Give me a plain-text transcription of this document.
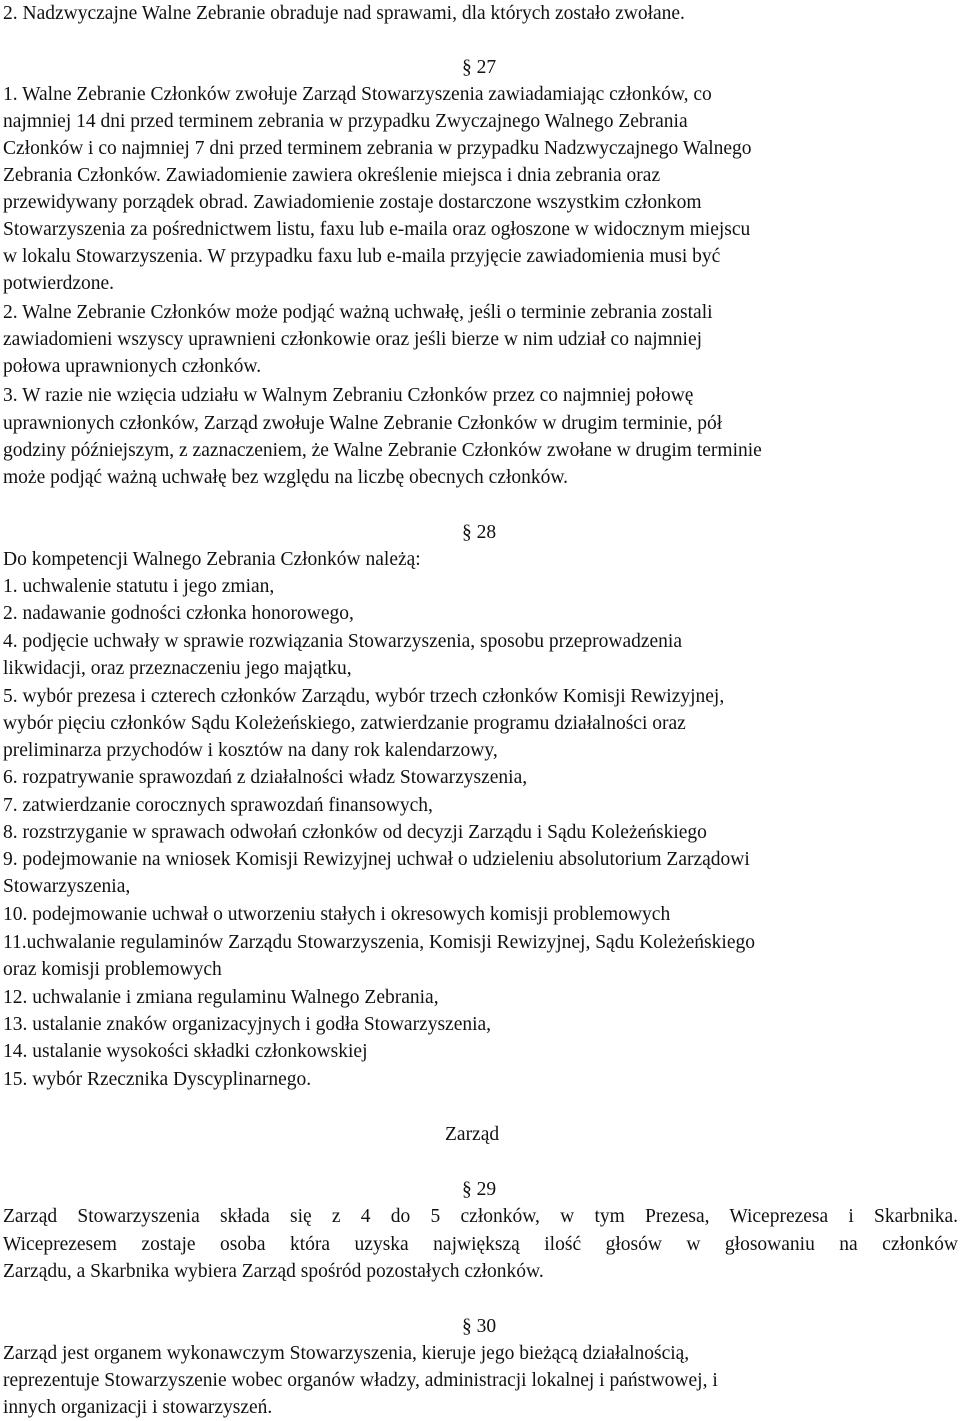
2. Nadzwyczajne Walne Zebranie obraduje nad sprawami, dla których zostało zwołane.
§ 27
1. Walne Zebranie Członków zwołuje Zarząd Stowarzyszenia zawiadamiając członków, co
najmniej 14 dni przed terminem zebrania w przypadku Zwyczajnego Walnego Zebrania
Członków i co najmniej 7 dni przed terminem zebrania w przypadku Nadzwyczajnego Walnego
Zebrania Członków. Zawiadomienie zawiera określenie miejsca i dnia zebrania oraz
przewidywany porządek obrad. Zawiadomienie zostaje dostarczone wszystkim członkom
Stowarzyszenia za pośrednictwem listu, faxu lub e-maila oraz ogłoszone w widocznym miejscu
w lokalu Stowarzyszenia. W przypadku faxu lub e-maila przyjęcie zawiadomienia musi być
potwierdzone.
2. Walne Zebranie Członków może podjąć ważną uchwałę, jeśli o terminie zebrania zostali
zawiadomieni wszyscy uprawnieni członkowie oraz jeśli bierze w nim udział co najmniej
połowa uprawnionych członków.
3. W razie nie wzięcia udziału w Walnym Zebraniu Członków przez co najmniej połowę
uprawnionych członków, Zarząd zwołuje Walne Zebranie Członków w drugim terminie, pół
godziny późniejszym, z zaznaczeniem, że Walne Zebranie Członków zwołane w drugim terminie
może podjąć ważną uchwałę bez względu na liczbę obecnych członków.
§ 28
Do kompetencji Walnego Zebrania Członków należą:
1. uchwalenie statutu i jego zmian,
2. nadawanie godności członka honorowego,
4. podjęcie uchwały w sprawie rozwiązania Stowarzyszenia, sposobu przeprowadzenia
likwidacji, oraz przeznaczeniu jego majątku,
5. wybór prezesa i czterech członków Zarządu, wybór trzech członków Komisji Rewizyjnej,
wybór pięciu członków Sądu Koleżeńskiego, zatwierdzanie programu działalności oraz
preliminarza przychodów i kosztów na dany rok kalendarzowy,
6. rozpatrywanie sprawozdań z działalności władz Stowarzyszenia,
7. zatwierdzanie corocznych sprawozdań finansowych,
8. rozstrzyganie w sprawach odwołań członków od decyzji Zarządu i Sądu Koleżeńskiego
9. podejmowanie na wniosek Komisji Rewizyjnej uchwał o udzieleniu absolutorium Zarządowi
Stowarzyszenia,
10. podejmowanie uchwał o utworzeniu stałych i okresowych komisji problemowych
11.uchwalanie regulaminów Zarządu Stowarzyszenia, Komisji Rewizyjnej, Sądu Koleżeńskiego
oraz komisji problemowych
12. uchwalanie i zmiana regulaminu Walnego Zebrania,
13. ustalanie znaków organizacyjnych i godła Stowarzyszenia,
14. ustalanie wysokości składki członkowskiej
15. wybór Rzecznika Dyscyplinarnego.
Zarząd
§ 29
Zarząd Stowarzyszenia składa się z 4 do 5 członków, w tym Prezesa, Wiceprezesa i Skarbnika.
Wiceprezesem zostaje osoba która uzyska największą ilość głosów w głosowaniu na członków
Zarządu, a Skarbnika wybiera Zarząd spośród pozostałych członków.
§ 30
Zarząd jest organem wykonawczym Stowarzyszenia, kieruje jego bieżącą działalnością,
reprezentuje Stowarzyszenie wobec organów władzy, administracji lokalnej i państwowej, i
innych organizacji i stowarzyszeń.
